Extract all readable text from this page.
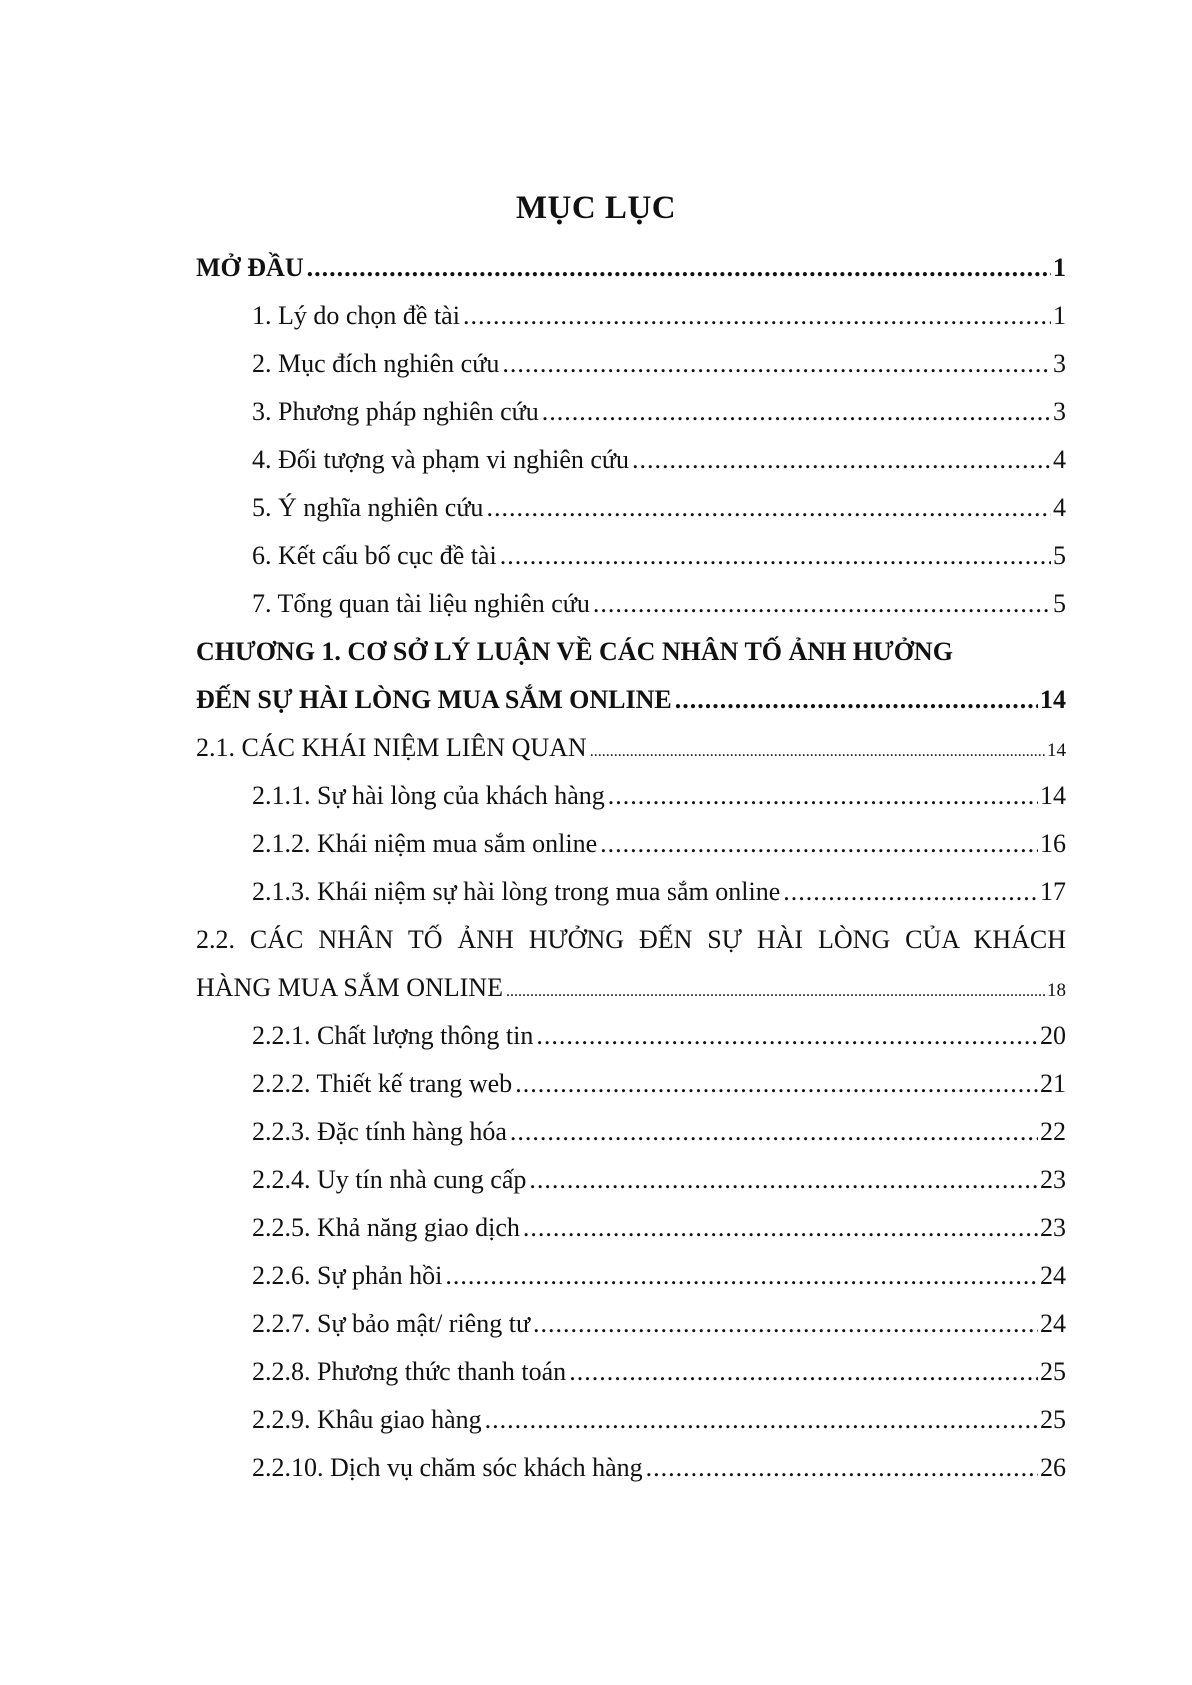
MỤC LỤC
MỞ ĐẦU .....	1
1. Lý do chọn đề tài .....	1
2. Mục đích nghiên cứu .....	3
3. Phương pháp nghiên cứu .....	3
4. Đối tượng và phạm vi nghiên cứu .....	4
5. Ý nghĩa nghiên cứu .....	4
6. Kết cấu bố cục đề tài .....	5
7. Tổng quan tài liệu nghiên cứu .....	5
CHƯƠNG 1. CƠ SỞ LÝ LUẬN VỀ CÁC NHÂN TỐ ẢNH HƯỞNG
ĐẾN SỰ HÀI LÒNG MUA SẮM ONLINE .....	14
2.1. CÁC KHÁI NIỆM LIÊN QUAN .....	14
2.1.1. Sự hài lòng của khách hàng .....	14
2.1.2. Khái niệm mua sắm online .....	16
2.1.3. Khái niệm sự hài lòng trong mua sắm online .....	17
2.2. CÁC NHÂN TỐ ẢNH HƯỞNG ĐẾN SỰ HÀI LÒNG CỦA KHÁCH
HÀNG MUA SẮM ONLINE .....	18
2.2.1. Chất lượng thông tin .....	20
2.2.2. Thiết kế trang web .....	21
2.2.3. Đặc tính hàng hóa .....	22
2.2.4. Uy tín nhà cung cấp .....	23
2.2.5. Khả năng giao dịch .....	23
2.2.6. Sự phản hồi .....	24
2.2.7. Sự bảo mật/ riêng tư .....	24
2.2.8. Phương thức thanh toán .....	25
2.2.9. Khâu giao hàng .....	25
2.2.10. Dịch vụ chăm sóc khách hàng .....	26
